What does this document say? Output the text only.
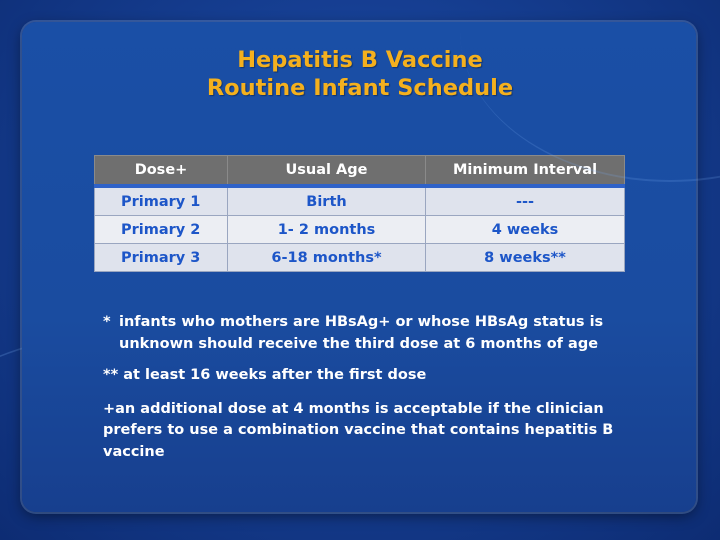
Hepatitis B Vaccine
Routine Infant Schedule
Dose+	Usual Age	Minimum Interval
Primary 1	Birth	---
Primary 2	1- 2 months	4 weeks
Primary 3	6-18 months*	8 weeks**
* infants who mothers are HBsAg+ or whose HBsAg status is
unknown should receive the third dose at 6 months of age
** at least 16 weeks after the first dose
+an additional dose at 4 months is acceptable if the clinician
prefers to use a combination vaccine that contains hepatitis B
vaccine
